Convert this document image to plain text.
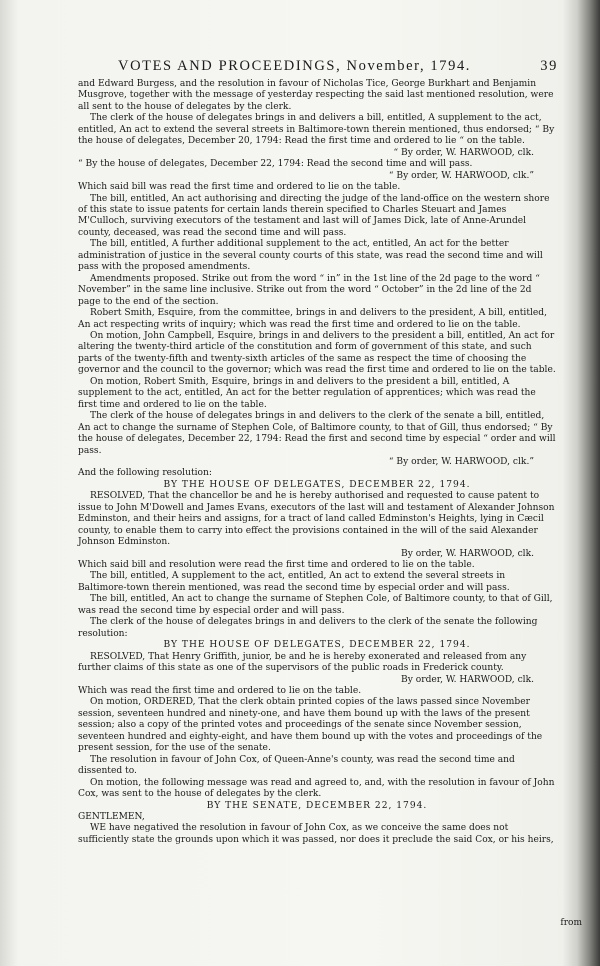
VOTES AND PROCEEDINGS, November, 1794.	39

and Edward Burgess, and the resolution in favour of Nicholas Tice, George Burkhart and Benjamin Musgrove, together with the message of yesterday respecting the said last mentioned resolution, were all sent to the house of delegates by the clerk.

The clerk of the house of delegates brings in and delivers a bill, entitled, A supplement to the act, entitled, An act to extend the several streets in Baltimore-town therein mentioned, thus endorsed; “ By the house of delegates, December 20, 1794: Read the first time and ordered to lie “ on the table.

“ By order, W. HARWOOD, clk.

“ By the house of delegates, December 22, 1794: Read the second time and will pass.

“ By order, W. HARWOOD, clk.”

Which said bill was read the first time and ordered to lie on the table.

The bill, entitled, An act authorising and directing the judge of the land-office on the western shore of this state to issue patents for certain lands therein specified to Charles Steuart and James M'Culloch, surviving executors of the testament and last will of James Dick, late of Anne-Arundel county, deceased, was read the second time and will pass.

The bill, entitled, A further additional supplement to the act, entitled, An act for the better administration of justice in the several county courts of this state, was read the second time and will pass with the proposed amendments.

Amendments proposed. Strike out from the word “ in” in the 1st line of the 2d page to the word “ November” in the same line inclusive. Strike out from the word “ October” in the 2d line of the 2d page to the end of the section.

Robert Smith, Esquire, from the committee, brings in and delivers to the president, A bill, entitled, An act respecting writs of inquiry; which was read the first time and ordered to lie on the table.

On motion, John Campbell, Esquire, brings in and delivers to the president a bill, entitled, An act for altering the twenty-third article of the constitution and form of government of this state, and such parts of the twenty-fifth and twenty-sixth articles of the same as respect the time of choosing the governor and the council to the governor; which was read the first time and ordered to lie on the table.

On motion, Robert Smith, Esquire, brings in and delivers to the president a bill, entitled, A supplement to the act, entitled, An act for the better regulation of apprentices; which was read the first time and ordered to lie on the table.

The clerk of the house of delegates brings in and delivers to the clerk of the senate a bill, entitled, An act to change the surname of Stephen Cole, of Baltimore county, to that of Gill, thus endorsed; “ By the house of delegates, December 22, 1794: Read the first and second time by especial “ order and will pass.

“ By order, W. HARWOOD, clk.”

And the following resolution:

BY THE HOUSE OF DELEGATES, DECEMBER 22, 1794.

RESOLVED, That the chancellor be and he is hereby authorised and requested to cause patent to issue to John M'Dowell and James Evans, executors of the last will and testament of Alexander Johnson Edminston, and their heirs and assigns, for a tract of land called Edminston's Heights, lying in Cæcil county, to enable them to carry into effect the provisions contained in the will of the said Alexander Johnson Edminston.

By order, W. HARWOOD, clk.

Which said bill and resolution were read the first time and ordered to lie on the table.

The bill, entitled, A supplement to the act, entitled, An act to extend the several streets in Baltimore-town therein mentioned, was read the second time by especial order and will pass.

The bill, entitled, An act to change the surname of Stephen Cole, of Baltimore county, to that of Gill, was read the second time by especial order and will pass.

The clerk of the house of delegates brings in and delivers to the clerk of the senate the following resolution:

BY THE HOUSE OF DELEGATES, DECEMBER 22, 1794.

RESOLVED, That Henry Griffith, junior, be and he is hereby exonerated and released from any further claims of this state as one of the supervisors of the public roads in Frederick county.

By order, W. HARWOOD, clk.

Which was read the first time and ordered to lie on the table.

On motion, ORDERED, That the clerk obtain printed copies of the laws passed since November session, seventeen hundred and ninety-one, and have them bound up with the laws of the present session; also a copy of the printed votes and proceedings of the senate since November session, seventeen hundred and eighty-eight, and have them bound up with the votes and proceedings of the present session, for the use of the senate.

The resolution in favour of John Cox, of Queen-Anne's county, was read the second time and dissented to.

On motion, the following message was read and agreed to, and, with the resolution in favour of John Cox, was sent to the house of delegates by the clerk.

BY THE SENATE, DECEMBER 22, 1794.

GENTLEMEN,

WE have negatived the resolution in favour of John Cox, as we conceive the same does not sufficiently state the grounds upon which it was passed, nor does it preclude the said Cox, or his heirs,

from
